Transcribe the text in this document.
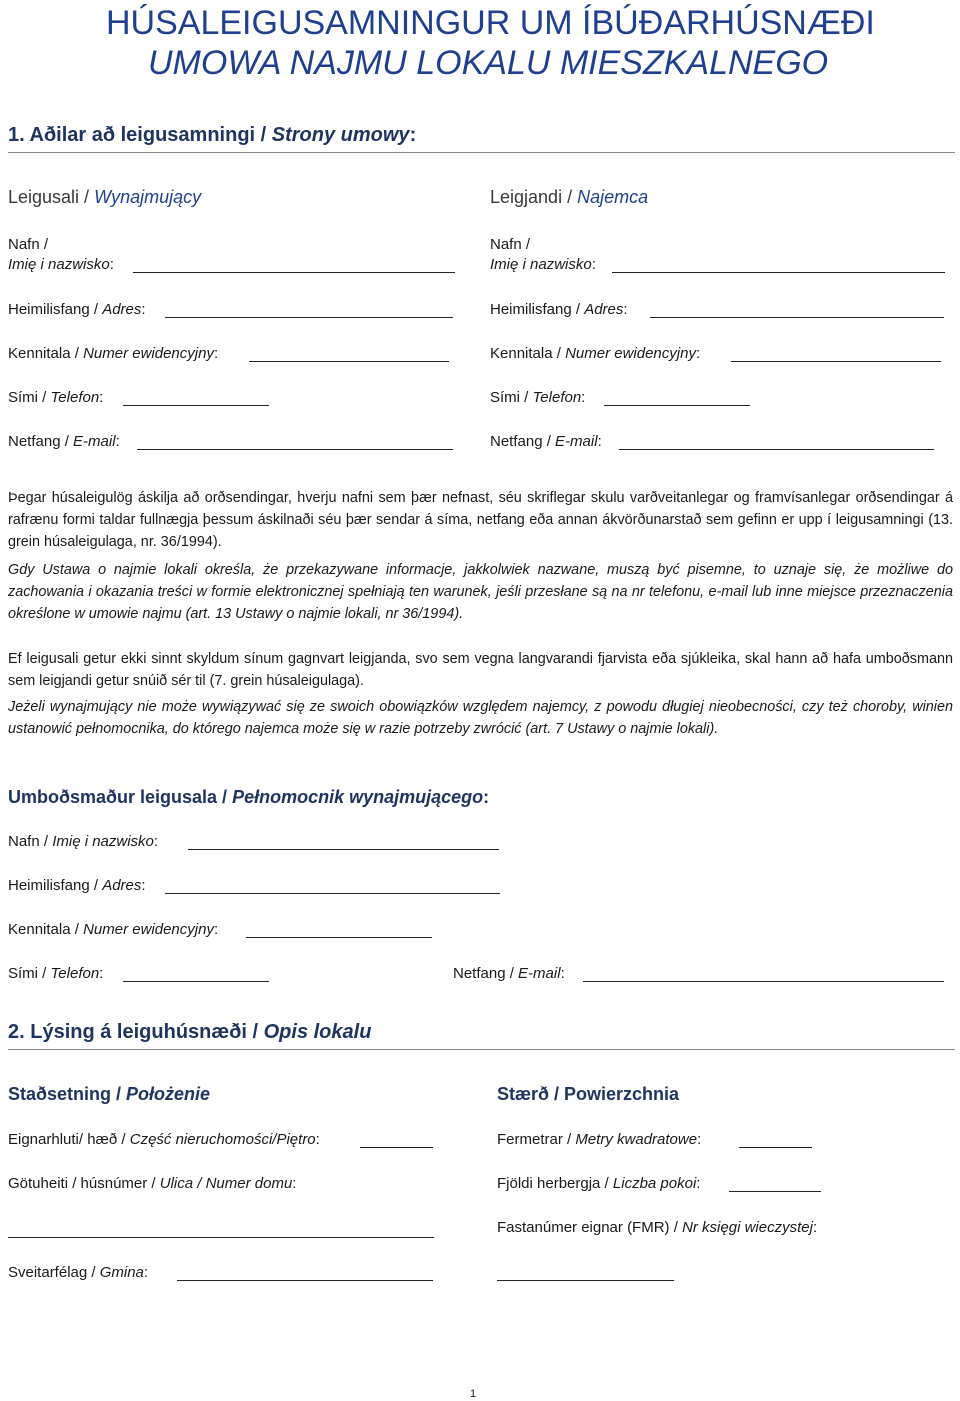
HÚSALEIGUSAMNINGUR UM ÍBÚÐARHÚSNÆÐI
UMOWA NAJMU LOKALU MIESZKALNEGO
1. Aðilar að leigusamningi / Strony umowy:
Leigusali / Wynajmujący
Nafn /
Imię i nazwisko:
Heimilisfang / Adres:
Kennitala / Numer ewidencyjny:
Sími / Telefon:
Netfang / E-mail:
Leigjandi / Najemca
Nafn /
Imię i nazwisko:
Heimilisfang / Adres:
Kennitala / Numer ewidencyjny:
Sími / Telefon:
Netfang / E-mail:
Þegar húsaleigulög áskilja að orðsendingar, hverju nafni sem þær nefnast, séu skriflegar skulu varðveitanlegar og framvísanlegar orðsendingar á rafrænu formi taldar fullnægja þessum áskilnaði séu þær sendar á síma, netfang eða annan ákvörðunarstað sem gefinn er upp í leigusamningi (13. grein húsaleigulaga, nr. 36/1994).
Gdy Ustawa o najmie lokali określa, że przekazywane informacje, jakkolwiek nazwane, muszą być pisemne, to uznaje się, że możliwe do zachowania i okazania treści w formie elektronicznej spełniają ten warunek, jeśli przesłane są na nr telefonu, e-mail lub inne miejsce przeznaczenia określone w umowie najmu (art. 13 Ustawy o najmie lokali, nr 36/1994).
Ef leigusali getur ekki sinnt skyldum sínum gagnvart leigjanda, svo sem vegna langvarandi fjarvista eða sjúkleika, skal hann að hafa umboðsmann sem leigjandi getur snúið sér til (7. grein húsaleigulaga).
Jeżeli wynajmujący nie może wywiązywać się ze swoich obowiązków względem najemcy, z powodu długiej nieobecności, czy też choroby, winien ustanowić pełnomocnika, do którego najemca może się w razie potrzeby zwrócić (art. 7 Ustawy o najmie lokali).
Umboðsmaður leigusala / Pełnomocnik wynajmującego:
Nafn / Imię i nazwisko:
Heimilisfang / Adres:
Kennitala / Numer ewidencyjny:
Sími / Telefon:	Netfang / E-mail:
2. Lýsing á leiguhúsnæði / Opis lokalu
Staðsetning / Położenie
Eignarhluti/ hæð / Część nieruchomości/Piętro:
Götuheiti / húsnúmer / Ulica / Numer domu:
Sveitarfélag / Gmina:
Stærð / Powierzchnia
Fermetrar / Metry kwadratowe:
Fjöldi herbergja / Liczba pokoi:
Fastanúmer eignar (FMR) / Nr księgi wieczystej:
1
